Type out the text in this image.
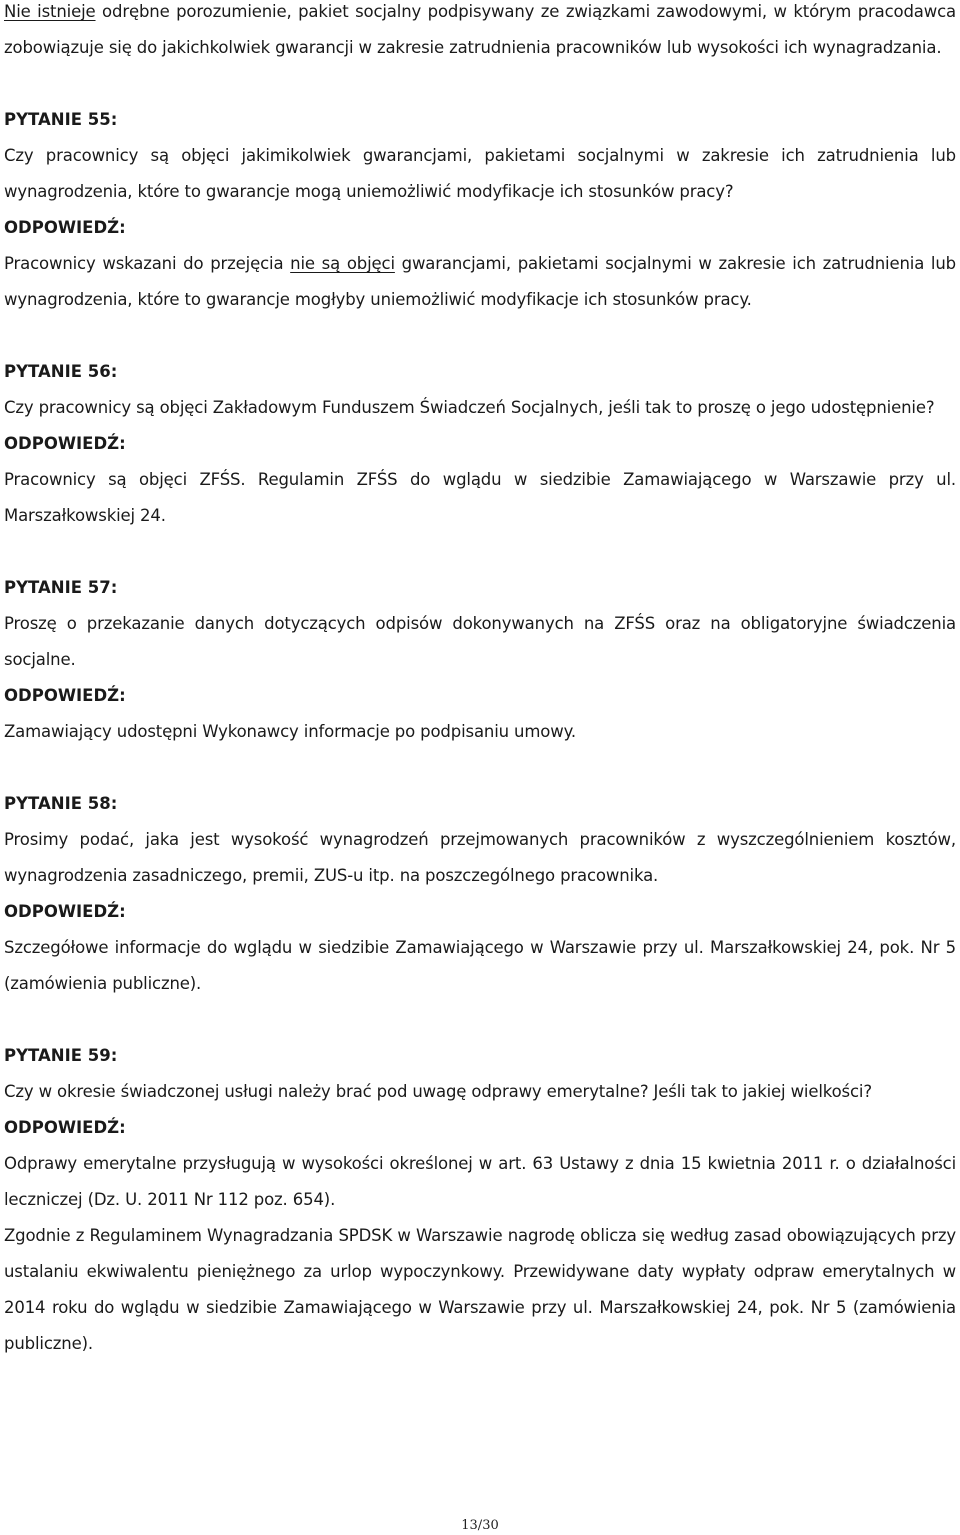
Nie istnieje odrębne porozumienie, pakiet socjalny podpisywany ze związkami zawodowymi, w którym pracodawca zobowiązuje się do jakichkolwiek gwarancji w zakresie zatrudnienia pracowników lub wysokości ich wynagradzania.

PYTANIE 55:

Czy pracownicy są objęci jakimikolwiek gwarancjami, pakietami socjalnymi w zakresie ich zatrudnienia lub wynagrodzenia, które to gwarancje mogą uniemożliwić modyfikacje ich stosunków pracy?

ODPOWIEDŹ:

Pracownicy wskazani do przejęcia nie są objęci gwarancjami, pakietami socjalnymi w zakresie ich zatrudnienia lub wynagrodzenia, które to gwarancje mogłyby uniemożliwić modyfikacje ich stosunków pracy.

PYTANIE 56:

Czy pracownicy są objęci Zakładowym Funduszem Świadczeń Socjalnych, jeśli tak to proszę o jego udostępnienie?

ODPOWIEDŹ:

Pracownicy są objęci ZFŚS. Regulamin ZFŚS do wglądu w siedzibie Zamawiającego w Warszawie przy ul. Marszałkowskiej 24.

PYTANIE 57:

Proszę o przekazanie danych dotyczących odpisów dokonywanych na ZFŚS oraz na obligatoryjne świadczenia socjalne.

ODPOWIEDŹ:

Zamawiający udostępni Wykonawcy informacje po podpisaniu umowy.

PYTANIE 58:

Prosimy podać, jaka jest wysokość wynagrodzeń przejmowanych pracowników z wyszczególnieniem kosztów, wynagrodzenia zasadniczego, premii, ZUS-u itp. na poszczególnego pracownika.

ODPOWIEDŹ:

Szczegółowe informacje do wglądu w siedzibie Zamawiającego w Warszawie przy ul. Marszałkowskiej 24, pok. Nr 5 (zamówienia publiczne).

PYTANIE 59:

Czy w okresie świadczonej usługi należy brać pod uwagę odprawy emerytalne? Jeśli tak to jakiej wielkości?

ODPOWIEDŹ:

Odprawy emerytalne przysługują w wysokości określonej w art. 63 Ustawy z dnia 15 kwietnia 2011 r. o działalności leczniczej (Dz. U. 2011 Nr 112 poz. 654).

Zgodnie z Regulaminem Wynagradzania SPDSK w Warszawie nagrodę oblicza się według zasad obowiązujących przy ustalaniu ekwiwalentu pieniężnego za urlop wypoczynkowy. Przewidywane daty wypłaty odpraw emerytalnych w 2014 roku do wglądu w siedzibie Zamawiającego w Warszawie przy ul. Marszałkowskiej 24, pok. Nr 5 (zamówienia publiczne).

13/30
